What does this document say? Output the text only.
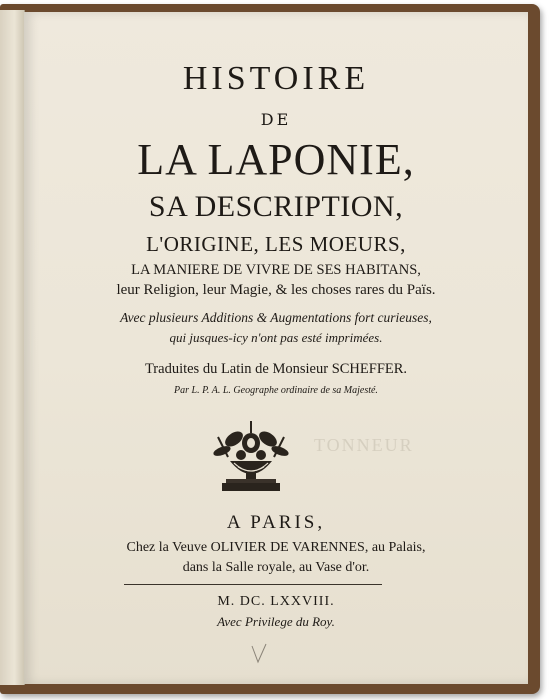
HISTOIRE
DE
LA LAPONIE,
SA DESCRIPTION,
L'ORIGINE, LES MOEURS,
LA MANIERE DE VIVRE DE SES HABITANS,
leur Religion, leur Magie, & les choses rares du Païs.
Avec plusieurs Additions & Augmentations fort curieuses,
qui jusques-icy n'ont pas esté imprimées.
Traduites du Latin de Monsieur SCHEFFER.
Par L. P. A. L. Geographe ordinaire de sa Majesté.
TONNEUR
A PARIS,
Chez la Veuve OLIVIER DE VARENNES, au Palais,
dans la Salle royale, au Vase d'or.
M. DC. LXXVIII.
Avec Privilege du Roy.
